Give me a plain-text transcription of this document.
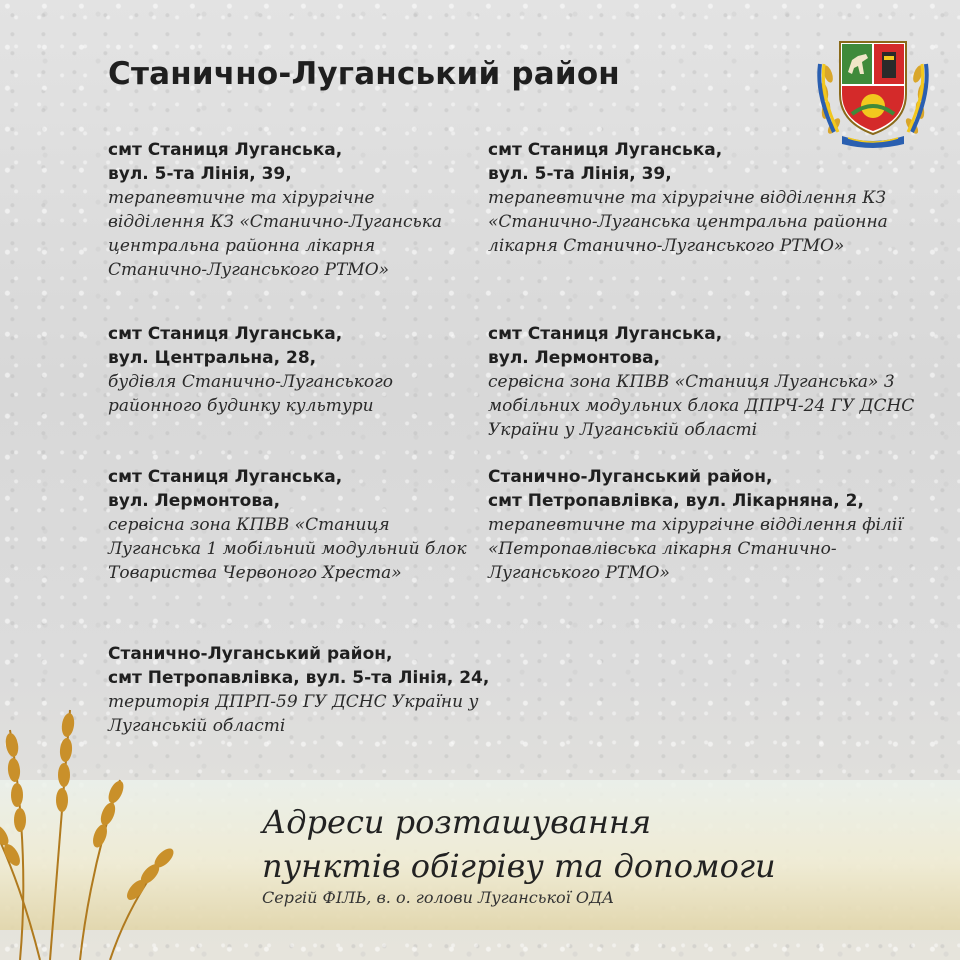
Станично-Луганський район
смт Станиця Луганська,
вул. 5-та Лінія, 39,
терапевтичне та хірургічне відділення КЗ «Станично-Луганська центральна районна лікарня Станично-Луганського РТМО»
смт Станиця Луганська,
вул. 5-та Лінія, 39,
терапевтичне та хірургічне відділення КЗ «Станично-Луганська центральна районна лікарня Станично-Луганського РТМО»
смт Станиця Луганська,
вул. Центральна, 28,
будівля Станично-Луганського районного будинку культури
смт Станиця Луганська,
вул. Лермонтова,
сервісна зона КПВВ «Станиця Луганська» 3 мобільних модульних блока ДПРЧ-24 ГУ ДСНС України у Луганській області
смт Станиця Луганська,
вул. Лермонтова,
сервісна зона КПВВ «Станиця Луганська 1 мобільний модульний блок Товариства Червоного Хреста»
Станично-Луганський район,
смт Петропавлівка, вул. Лікарняна, 2,
терапевтичне та хірургічне відділення філії «Петропавлівська лікарня Станично-Луганського РТМО»
Станично-Луганський район,
смт Петропавлівка, вул. 5-та Лінія, 24,
територія ДПРП-59 ГУ ДСНС України у Луганській області
Адреси розташування
пунктів обігріву та допомоги
Сергій ФІЛЬ, в. о. голови Луганської ОДА
